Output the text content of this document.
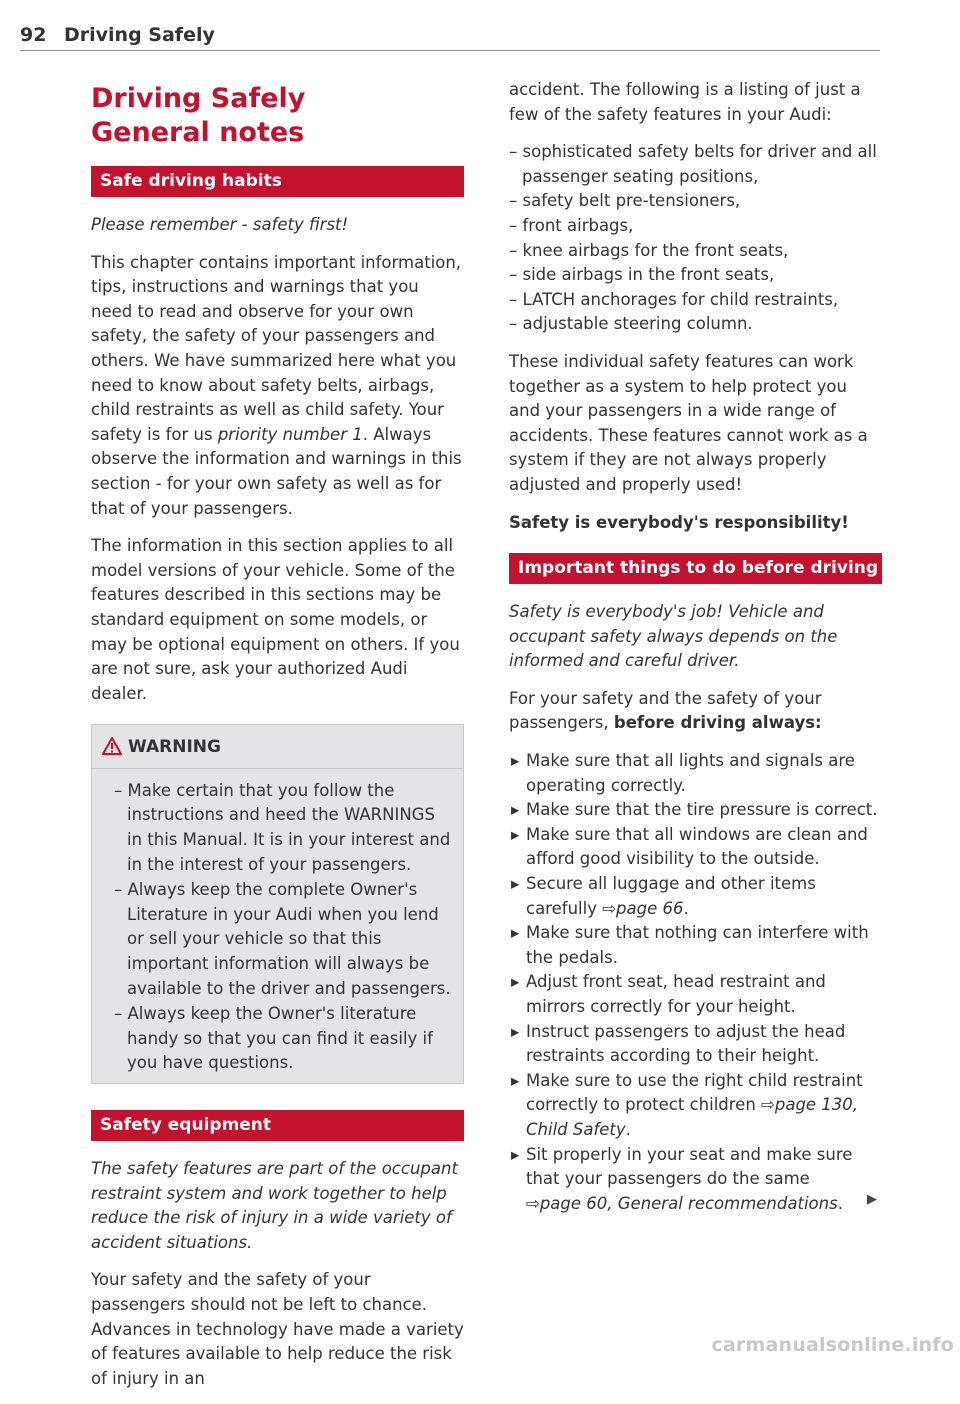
92 Driving Safely
Driving Safely
General notes
Safe driving habits

Please remember - safety first!

This chapter contains important information, tips, instructions and warnings that you need to read and observe for your own safety, the safety of your passengers and others. We have summarized here what you need to know about safety belts, airbags, child restraints as well as child safety. Your safety is for us priority number 1. Always observe the information and warnings in this section - for your own safety as well as for that of your passengers.

The information in this section applies to all model versions of your vehicle. Some of the features described in this sections may be standard equipment on some models, or may be optional equipment on others. If you are not sure, ask your authorized Audi dealer.

WARNING
– Make certain that you follow the instructions and heed the WARNINGS in this Manual. It is in your interest and in the interest of your passengers.
– Always keep the complete Owner's Literature in your Audi when you lend or sell your vehicle so that this important information will always be available to the driver and passengers.
– Always keep the Owner's literature handy so that you can find it easily if you have questions.
Safety equipment

The safety features are part of the occupant restraint system and work together to help reduce the risk of injury in a wide variety of accident situations.

Your safety and the safety of your passengers should not be left to chance. Advances in technology have made a variety of features available to help reduce the risk of injury in an

accident. The following is a listing of just a few of the safety features in your Audi:

– sophisticated safety belts for driver and all passenger seating positions,
– safety belt pre-tensioners,
– front airbags,
– knee airbags for the front seats,
– side airbags in the front seats,
– LATCH anchorages for child restraints,
– adjustable steering column.

These individual safety features can work together as a system to help protect you and your passengers in a wide range of accidents. These features cannot work as a system if they are not always properly adjusted and properly used!

Safety is everybody's responsibility!

Important things to do before driving

Safety is everybody's job! Vehicle and occupant safety always depends on the informed and careful driver.

For your safety and the safety of your passengers, before driving always:

▸ Make sure that all lights and signals are operating correctly.
▸ Make sure that the tire pressure is correct.
▸ Make sure that all windows are clean and afford good visibility to the outside.
▸ Secure all luggage and other items carefully ⇨page 66.
▸ Make sure that nothing can interfere with the pedals.
▸ Adjust front seat, head restraint and mirrors correctly for your height.
▸ Instruct passengers to adjust the head restraints according to their height.
▸ Make sure to use the right child restraint correctly to protect children ⇨page 130, Child Safety.
▸ Sit properly in your seat and make sure that your passengers do the same ⇨page 60, General recommendations. ▶
carmanualsonline.info
